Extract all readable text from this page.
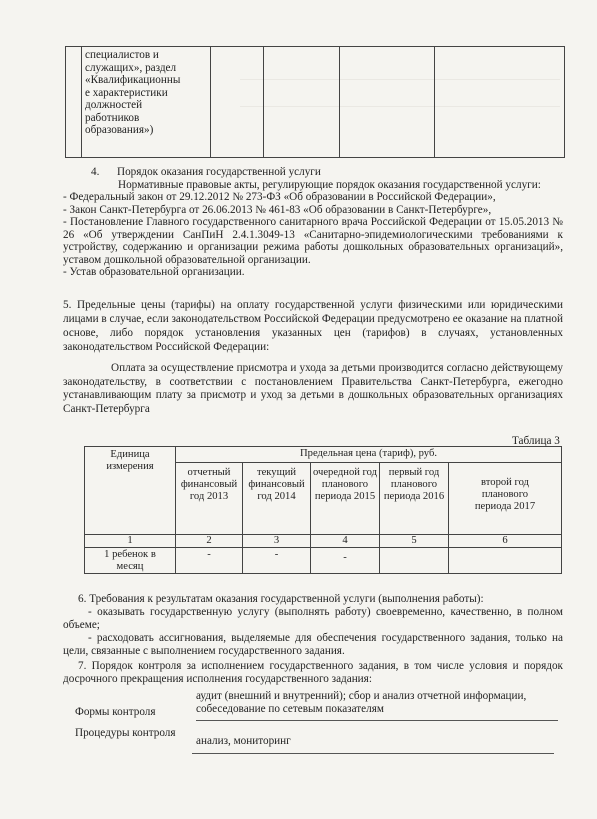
специалистов и
служащих», раздел
«Квалификационны
е характеристики
должностей
работников
образования»)

4. Порядок оказания государственной услуги
Нормативные правовые акты, регулирующие порядок оказания государственной услуги:
- Федеральный закон от 29.12.2012 № 273-ФЗ «Об образовании в Российской Федерации»,
- Закон Санкт-Петербурга от 26.06.2013 № 461-83 «Об образовании в Санкт-Петербурге»,
- Постановление Главного государственного санитарного врача Российской Федерации от 15.05.2013 № 26 «Об утверждении СанПиН 2.4.1.3049-13 «Санитарно-эпидемиологическими требованиями к устройству, содержанию и организации режима работы дошкольных образовательных организаций», уставом дошкольной образовательной организации.
- Устав образовательной организации.
5. Предельные цены (тарифы) на оплату государственной услуги физическими или юридическими лицами в случае, если законодательством Российской Федерации предусмотрено ее оказание на платной основе, либо порядок установления указанных цен (тарифов) в случаях, установленных законодательством Российской Федерации:
Оплата за осуществление присмотра и ухода за детьми производится согласно действующему законодательству, в соответствии с постановлением Правительства Санкт-Петербурга, ежегодно устанавливающим плату за присмотр и уход за детьми в дошкольных образовательных организациях Санкт-Петербурга
Таблица 3
Единица измерения	Предельная цена (тариф), руб.				
	отчетный финансовый год 2013	текущий финансовый год 2014	очередной год планового периода 2015	первый год планового периода 2016	второй год планового периода 2017
1	2	3	4	5	6
1 ребенок в месяц	-	-	-		
6. Требования к результатам оказания государственной услуги (выполнения работы):
- оказывать государственную услугу (выполнять работу) своевременно, качественно, в полном объеме;
- расходовать ассигнования, выделяемые для обеспечения государственного задания, только на цели, связанные с выполнением государственного задания.
7. Порядок контроля за исполнением государственного задания, в том числе условия и порядок досрочного прекращения исполнения государственного задания:
Формы контроля
аудит (внешний и внутренний); сбор и анализ отчетной информации, собеседование по сетевым показателям
Процедуры контроля
анализ, мониторинг
